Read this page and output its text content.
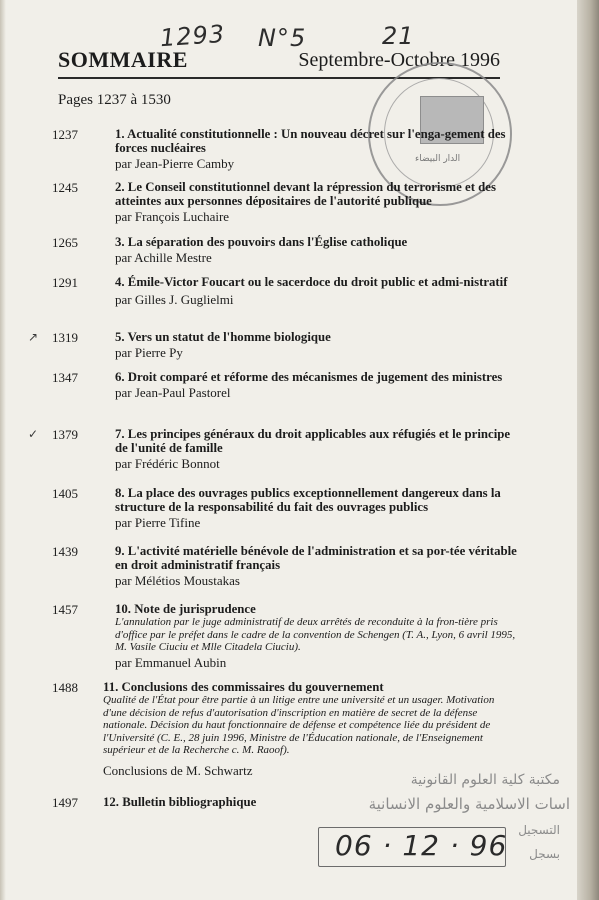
1293 N°5	21
SOMMAIRE	Septembre-Octobre 1996
الدار البيضاء
Pages 1237 à 1530
1237	1. Actualité constitutionnelle : Un nouveau décret sur l'enga-gement des forces nucléaires
par Jean-Pierre Camby
1245	2. Le Conseil constitutionnel devant la répression du terrorisme et des atteintes aux personnes dépositaires de l'autorité publique
par François Luchaire
1265	3. La séparation des pouvoirs dans l'Église catholique
par Achille Mestre
1291	4. Émile-Victor Foucart ou le sacerdoce du droit public et admi-nistratif
par Gilles J. Guglielmi
↗	1319	5. Vers un statut de l'homme biologique
par Pierre Py
1347	6. Droit comparé et réforme des mécanismes de jugement des ministres
par Jean-Paul Pastorel
✓	1379	7. Les principes généraux du droit applicables aux réfugiés et le principe de l'unité de famille
par Frédéric Bonnot
1405	8. La place des ouvrages publics exceptionnellement dangereux dans la structure de la responsabilité du fait des ouvrages publics
par Pierre Tifine
1439	9. L'activité matérielle bénévole de l'administration et sa por-tée véritable en droit administratif français
par Mélétios Moustakas
1457	10. Note de jurisprudence
L'annulation par le juge administratif de deux arrêtés de reconduite à la fron-tière pris d'office par le préfet dans le cadre de la convention de Schengen (T. A., Lyon, 6 avril 1995, M. Vasile Ciuciu et Mlle Citadela Ciuciu).
par Emmanuel Aubin
1488 11. Conclusions des commissaires du gouvernement
Qualité de l'État pour être partie à un litige entre une université et un usager. Motivation d'une décision de refus d'autorisation d'inscription en matière de secret de la défense nationale. Décision du haut fonctionnaire de défense et compétence liée du président de l'Université (C. E., 28 juin 1996, Ministre de l'Éducation nationale, de l'Enseignement supérieur et de la Recherche c. M. Raoof).
Conclusions de M. Schwartz
1497 12. Bulletin bibliographique
مكتبة كلية العلوم القانونية
اسات الاسلامية والعلوم الانسانية
التسجيل
بسجل
06 · 12 · 96
